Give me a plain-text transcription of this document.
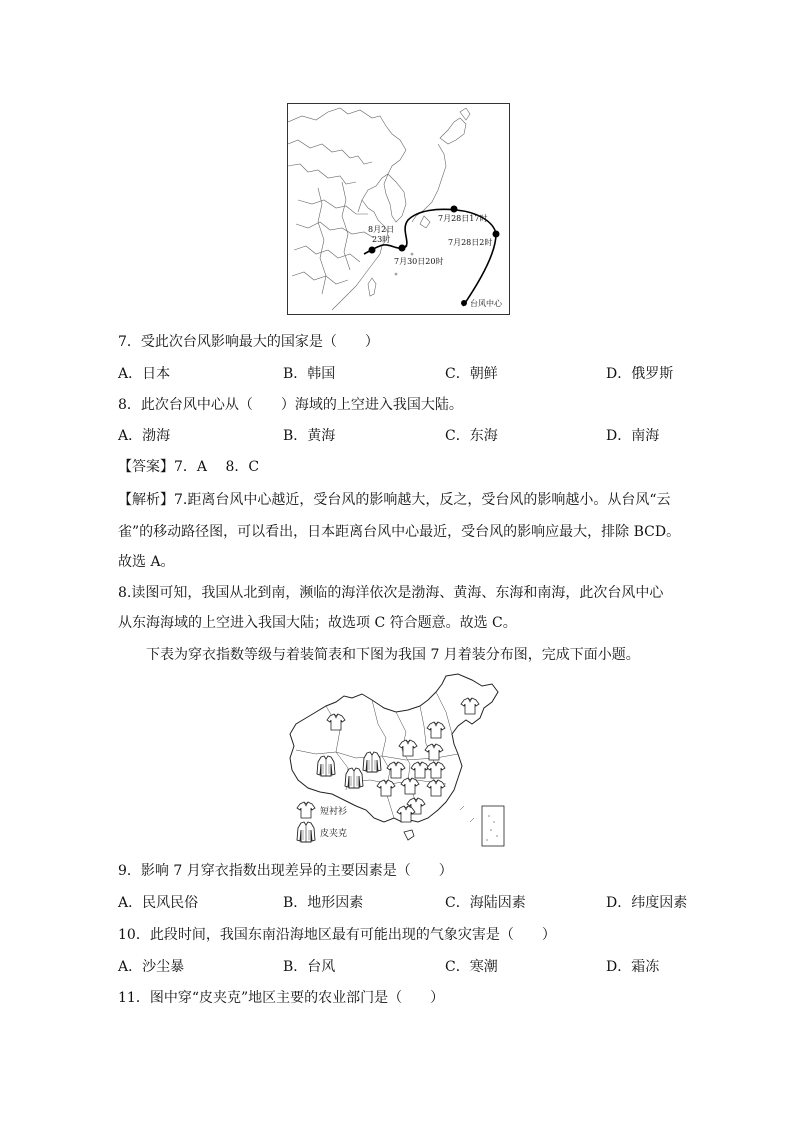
8月2日
23时
7月28日17时
7月28日2时
7月30日20时
台风中心
7．受此次台风影响最大的国家是（　　）
A．日本	B．韩国	C．朝鲜	D．俄罗斯
8．此次台风中心从（　　）海域的上空进入我国大陆。
A．渤海	B．黄海	C．东海	D．南海
【答案】7．A　 8．C
【解析】7.距离台风中心越近，受台风的影响越大，反之，受台风的影响越小。从台风“云
雀”的移动路径图，可以看出，日本距离台风中心最近，受台风的影响应最大，排除 BCD。
故选 A。
8.读图可知，我国从北到南，濒临的海洋依次是渤海、黄海、东海和南海，此次台风中心
从东海海域的上空进入我国大陆；故选项 C 符合题意。故选 C。
下表为穿衣指数等级与着装简表和下图为我国 7 月着装分布图，完成下面小题。
短衬衫
皮夹克
9．影响 7 月穿衣指数出现差异的主要因素是（　　）
A．民风民俗	B．地形因素	C．海陆因素	D．纬度因素
10．此段时间，我国东南沿海地区最有可能出现的气象灾害是（　　）
A．沙尘暴	B．台风	C．寒潮	D．霜冻
11．图中穿“皮夹克”地区主要的农业部门是（　　）
